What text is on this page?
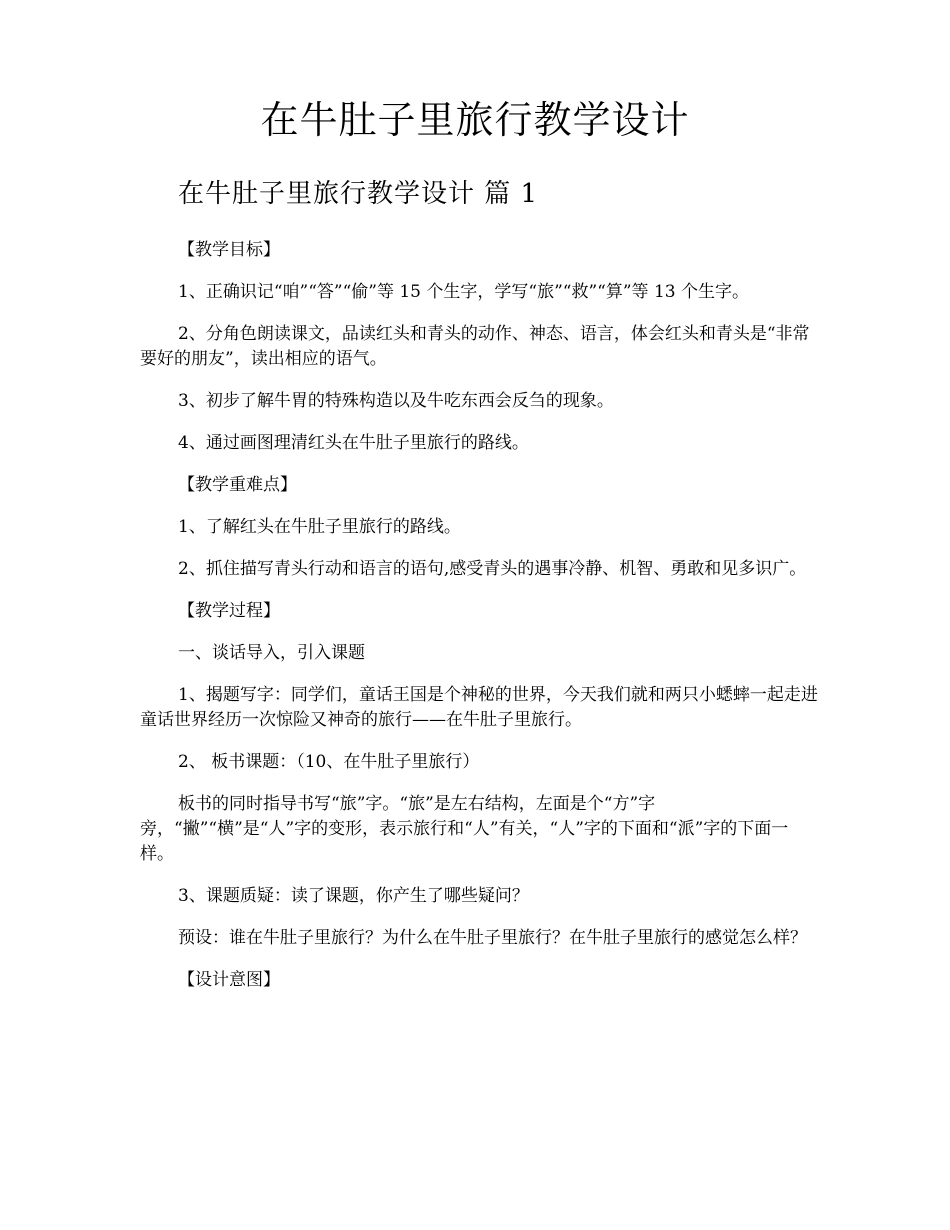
在牛肚子里旅行教学设计
在牛肚子里旅行教学设计 篇 1

【教学目标】

1、正确识记“咱”“答”“偷”等 15 个生字，学写“旅”“救”“算”等 13 个生字。

2、分角色朗读课文，品读红头和青头的动作、神态、语言，体会红头和青头是“非常要好的朋友”，读出相应的语气。

3、初步了解牛胃的特殊构造以及牛吃东西会反刍的现象。

4、通过画图理清红头在牛肚子里旅行的路线。

【教学重难点】

1、了解红头在牛肚子里旅行的路线。

2、抓住描写青头行动和语言的语句,感受青头的遇事冷静、机智、勇敢和见多识广。

【教学过程】

一、谈话导入，引入课题

1、揭题写字：同学们，童话王国是个神秘的世界，今天我们就和两只小蟋蟀一起走进童话世界经历一次惊险又神奇的旅行——在牛肚子里旅行。

2、 板书课题：（10、在牛肚子里旅行）

板书的同时指导书写“旅”字。“旅”是左右结构，左面是个“方”字旁，“撇”“横”是“人”字的变形，表示旅行和“人”有关，“人”字的下面和“派”字的下面一样。

3、课题质疑：读了课题，你产生了哪些疑问？

预设：谁在牛肚子里旅行？为什么在牛肚子里旅行？在牛肚子里旅行的感觉怎么样？

【设计意图】
